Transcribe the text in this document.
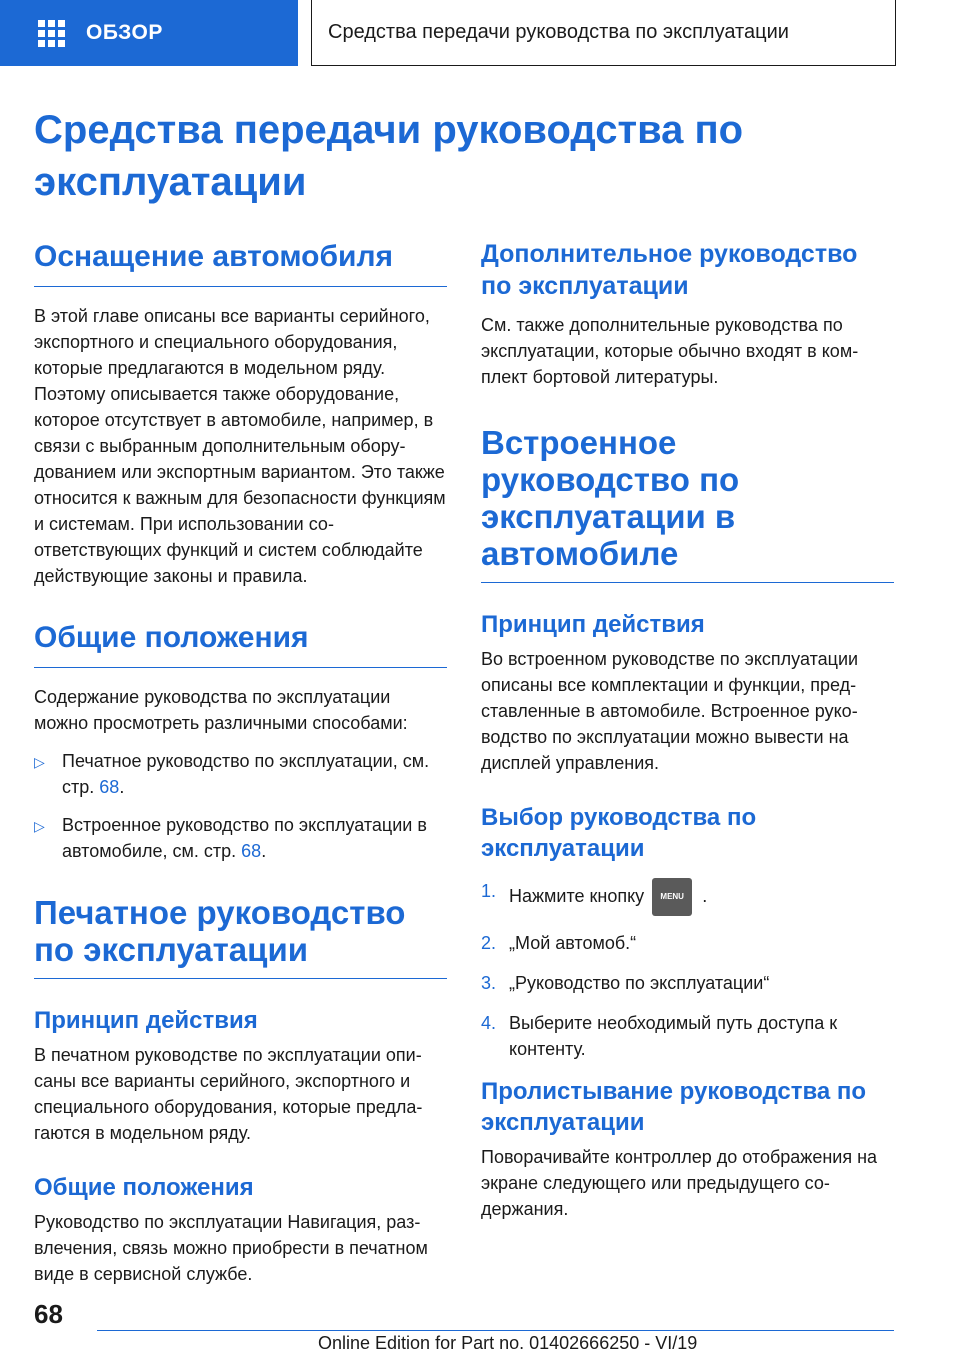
ОБЗОР	Средства передачи руководства по эксплуатации
Средства передачи руководства по эксплуатации
Оснащение автомобиля

В этой главе описаны все варианты серийного, экспортного и специального оборудования, которые предлагаются в модельном ряду. Поэтому описывается также оборудование, которое отсутствует в автомобиле, например, в связи с выбранным дополнительным оборудованием или экспортным вариантом. Это также относится к важным для безопасности функциям и системам. При использовании соответствующих функций и систем соблюдайте действующие законы и правила.

Общие положения

Содержание руководства по эксплуатации можно просмотреть различными способами:

▷ Печатное руководство по эксплуатации, см. стр. 68.
▷ Встроенное руководство по эксплуатации в автомобиле, см. стр. 68.
Печатное руководство по эксплуатации
Принцип действия

В печатном руководстве по эксплуатации описаны все варианты серийного, экспортного и специального оборудования, которые предлагаются в модельном ряду.

Общие положения

Руководство по эксплуатации Навигация, развлечения, связь можно приобрести в печатном виде в сервисной службе.

Дополнительное руководство по эксплуатации

См. также дополнительные руководства по эксплуатации, которые обычно входят в комплект бортовой литературы.

Встроенное руководство по эксплуатации в автомобиле
Принцип действия

Во встроенном руководстве по эксплуатации описаны все комплектации и функции, представленные в автомобиле. Встроенное руководство по эксплуатации можно вывести на дисплей управления.

Выбор руководства по эксплуатации
1. Нажмите кнопку MENU .
2. „Мой автомоб.“
3. „Руководство по эксплуатации“
4. Выберите необходимый путь доступа к контенту.
Пролистывание руководства по эксплуатации

Поворачивайте контроллер до отображения на экране следующего или предыдущего содержания.

68
Online Edition for Part no. 01402666250 - VI/19
